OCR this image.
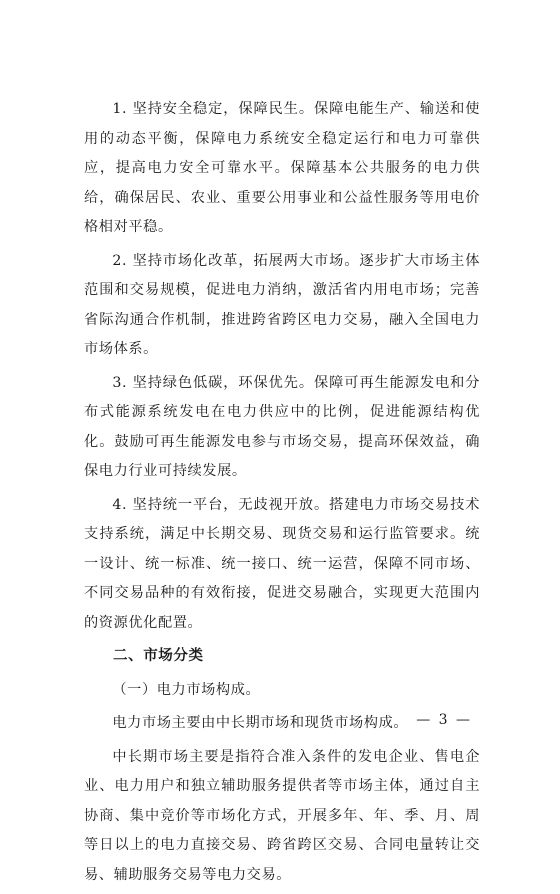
1. 坚持安全稳定，保障民生。保障电能生产、输送和使用的动态平衡，保障电力系统安全稳定运行和电力可靠供应，提高电力安全可靠水平。保障基本公共服务的电力供给，确保居民、农业、重要公用事业和公益性服务等用电价格相对平稳。

2. 坚持市场化改革，拓展两大市场。逐步扩大市场主体范围和交易规模，促进电力消纳，激活省内用电市场；完善省际沟通合作机制，推进跨省跨区电力交易，融入全国电力市场体系。

3. 坚持绿色低碳，环保优先。保障可再生能源发电和分布式能源系统发电在电力供应中的比例，促进能源结构优化。鼓励可再生能源发电参与市场交易，提高环保效益，确保电力行业可持续发展。

4. 坚持统一平台，无歧视开放。搭建电力市场交易技术支持系统，满足中长期交易、现货交易和运行监管要求。统一设计、统一标准、统一接口、统一运营，保障不同市场、不同交易品种的有效衔接，促进交易融合，实现更大范围内的资源优化配置。

二、市场分类

（一）电力市场构成。

电力市场主要由中长期市场和现货市场构成。

中长期市场主要是指符合准入条件的发电企业、售电企业、电力用户和独立辅助服务提供者等市场主体，通过自主协商、集中竞价等市场化方式，开展多年、年、季、月、周等日以上的电力直接交易、跨省跨区交易、合同电量转让交易、辅助服务交易等电力交易。

— 3 —
